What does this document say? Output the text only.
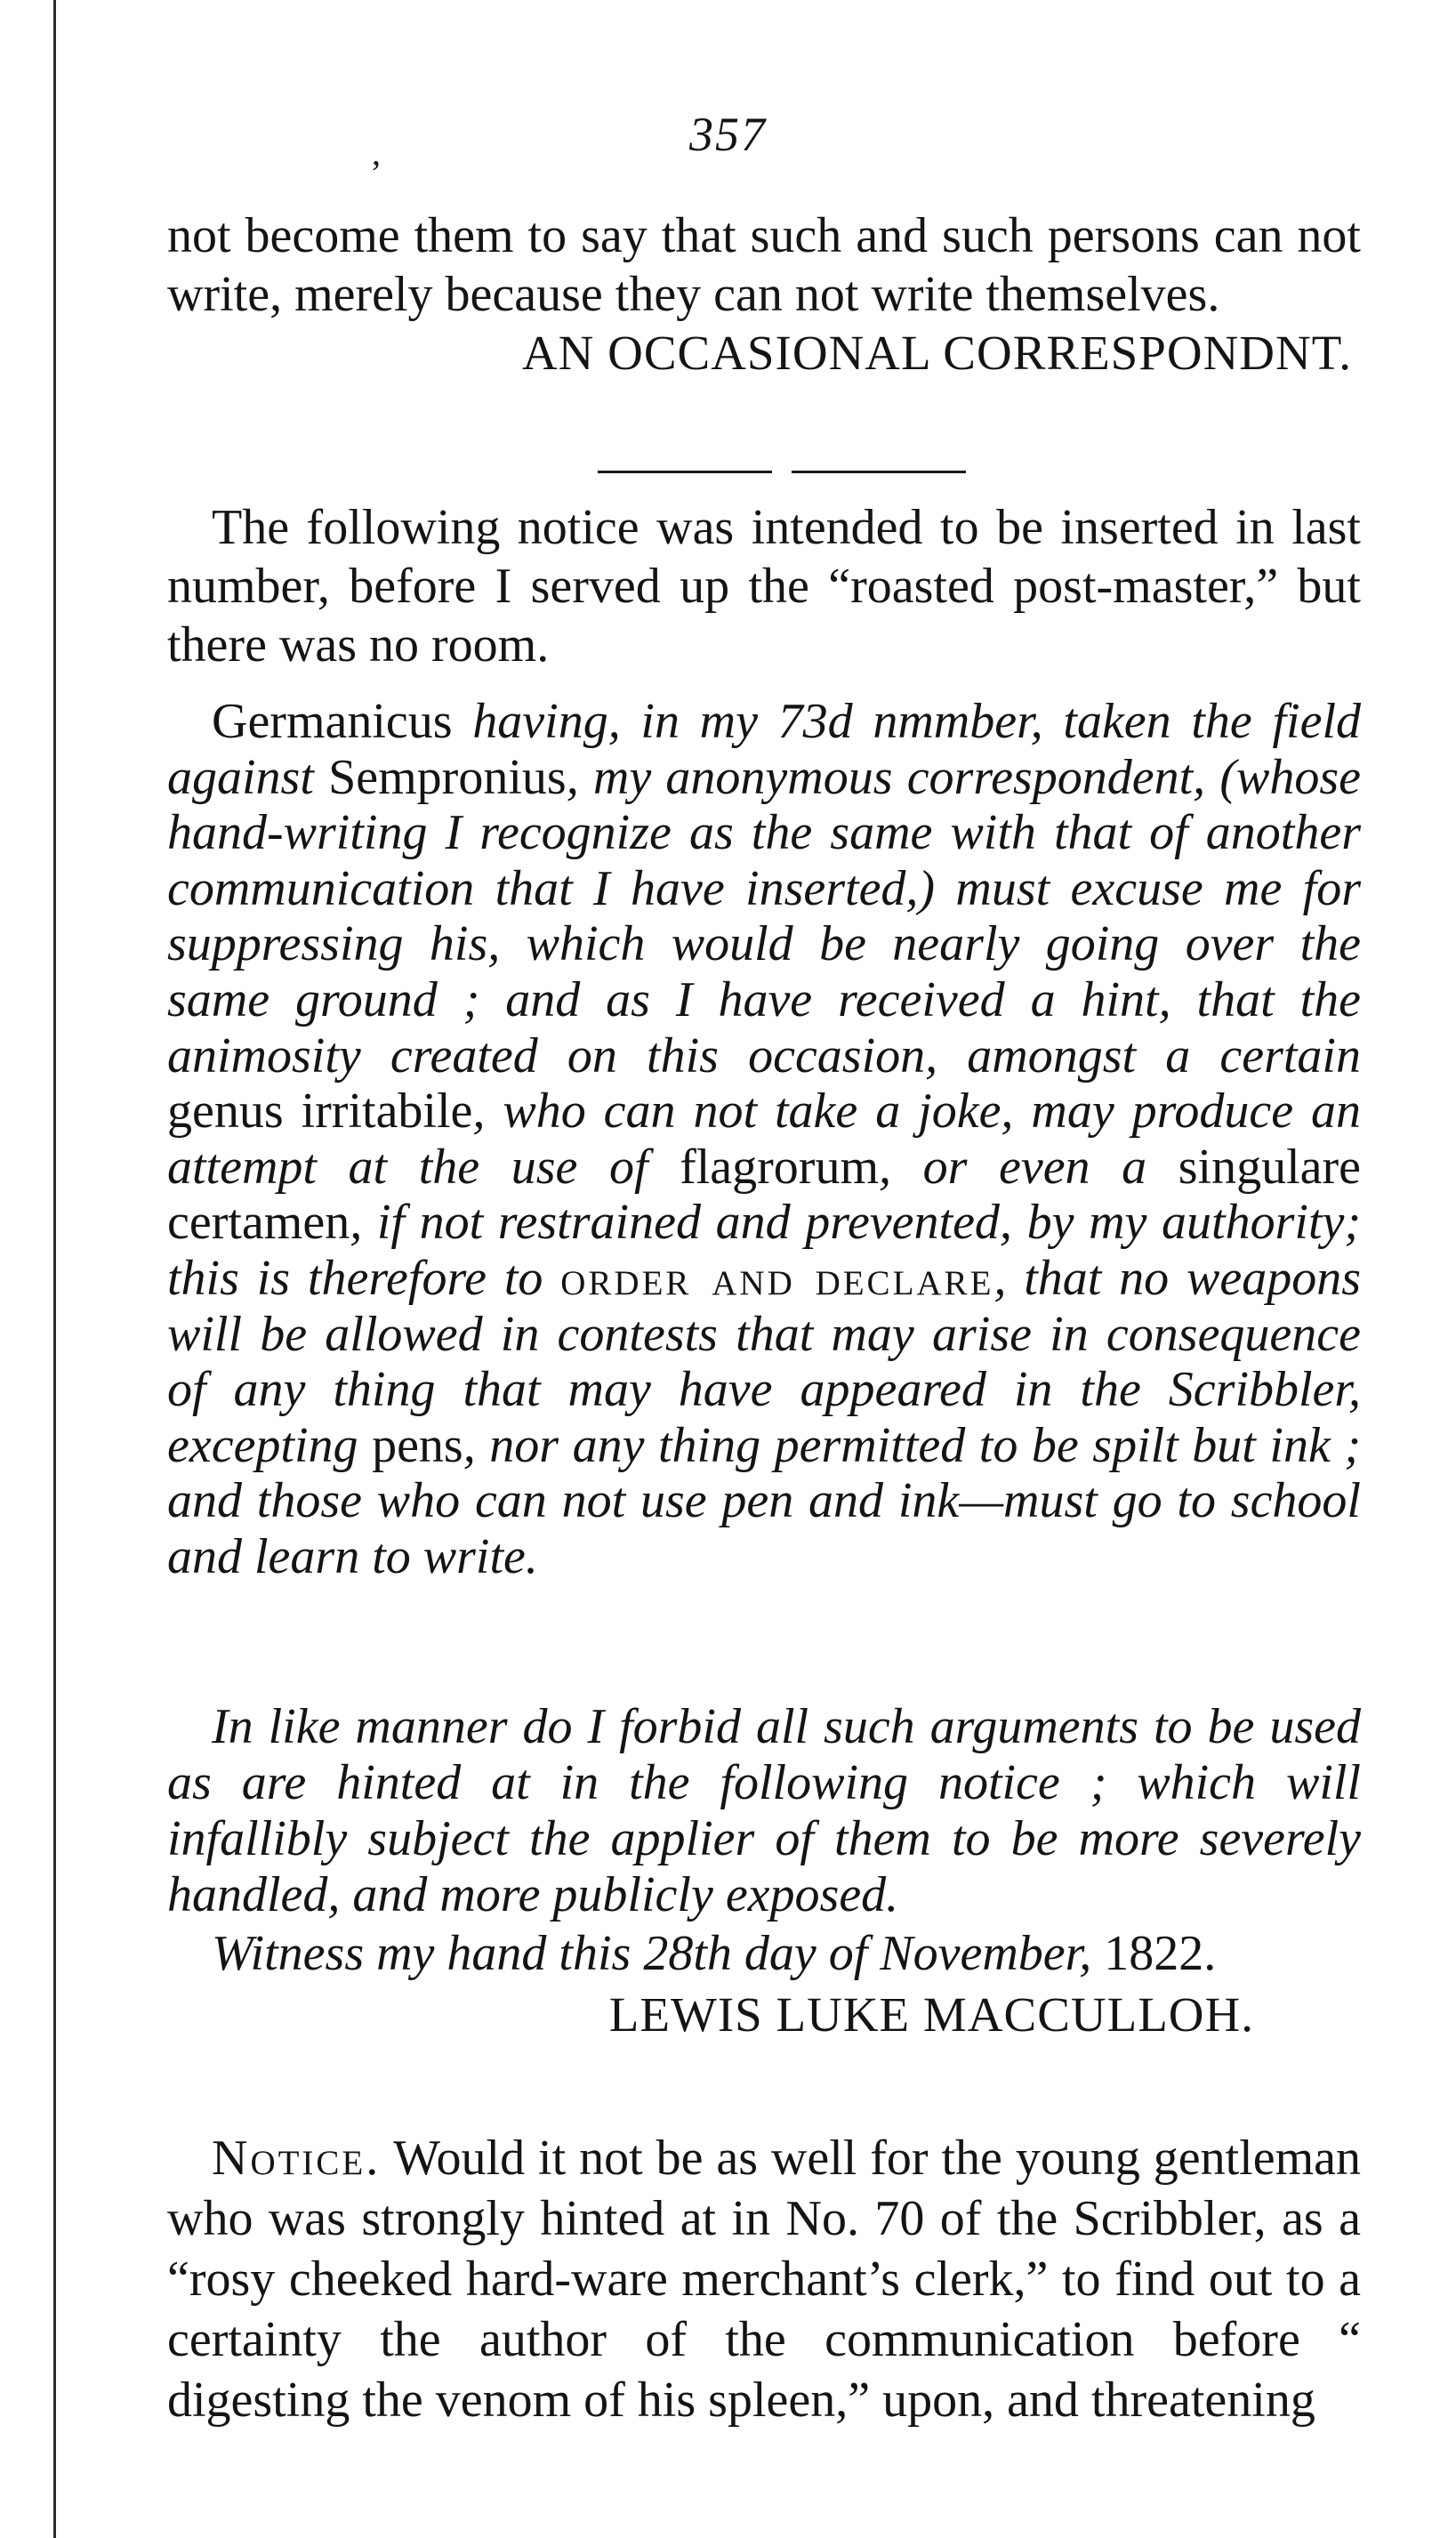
,	357

not become them to say that such and such persons can not write, merely because they can not write themselves.

AN OCCASIONAL CORRESPONDNT.

The following notice was intended to be inserted in last number, before I served up the “roasted post-master,” but there was no room.

Germanicus having, in my 73d nmmber, taken the field against Sempronius, my anonymous correspondent, (whose hand-writing I recognize as the same with that of another communication that I have inserted,) must excuse me for suppressing his, which would be nearly going over the same ground ; and as I have received a hint, that the animosity created on this occasion, amongst a certain genus irritabile, who can not take a joke, may produce an attempt at the use of flagrorum, or even a singulare certamen, if not restrained and prevented, by my authority; this is therefore to order and declare, that no weapons will be allowed in contests that may arise in consequence of any thing that may have appeared in the Scribbler, excepting pens, nor any thing permitted to be spilt but ink ; and those who can not use pen and ink—must go to school and learn to write.

In like manner do I forbid all such arguments to be used as are hinted at in the following notice ; which will infallibly subject the applier of them to be more severely handled, and more publicly exposed.

Witness my hand this 28th day of November, 1822.

LEWIS LUKE MACCULLOH.

Notice. Would it not be as well for the young gentleman who was strongly hinted at in No. 70 of the Scribbler, as a “rosy cheeked hard-ware merchant’s clerk,” to find out to a certainty the author of the communication before “ digesting the venom of his spleen,” upon, and threatening
